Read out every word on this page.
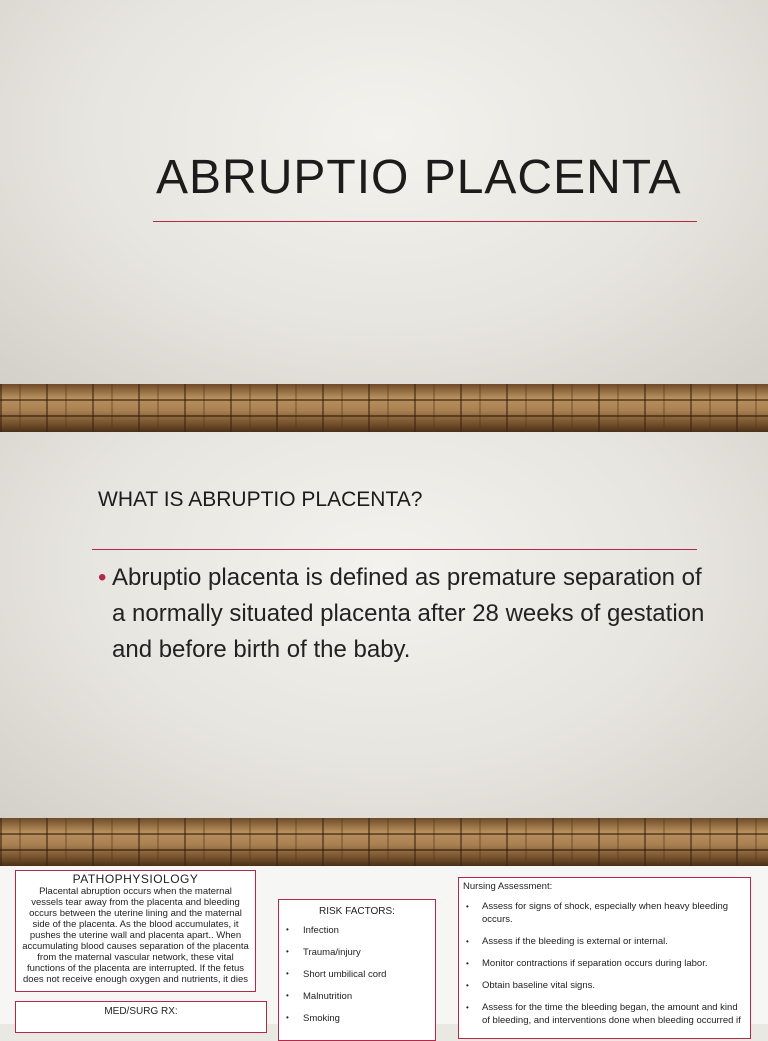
ABRUPTIO PLACENTA
WHAT IS ABRUPTIO PLACENTA?
• Abruptio placenta is defined as premature separation of a normally situated placenta after 28 weeks of gestation and before birth of the baby.
PATHOPHYSIOLOGY
Placental abruption occurs when the maternal vessels tear away from the placenta and bleeding occurs between the uterine lining and the maternal side of the placenta. As the blood accumulates, it pushes the uterine wall and placenta apart.. When accumulating blood causes separation of the placenta from the maternal vascular network, these vital functions of the placenta are interrupted. If the fetus does not receive enough oxygen and nutrients, it dies
MED/SURG RX:
RISK FACTORS:
• Infection
• Trauma/injury
• Short umbilical cord
• Malnutrition
• Smoking
Nursing Assessment:
• Assess for signs of shock, especially when heavy bleeding occurs.
• Assess if the bleeding is external or internal.
• Monitor contractions if separation occurs during labor.
• Obtain baseline vital signs.
• Assess for the time the bleeding began, the amount and kind of bleeding, and interventions done when bleeding occurred if
